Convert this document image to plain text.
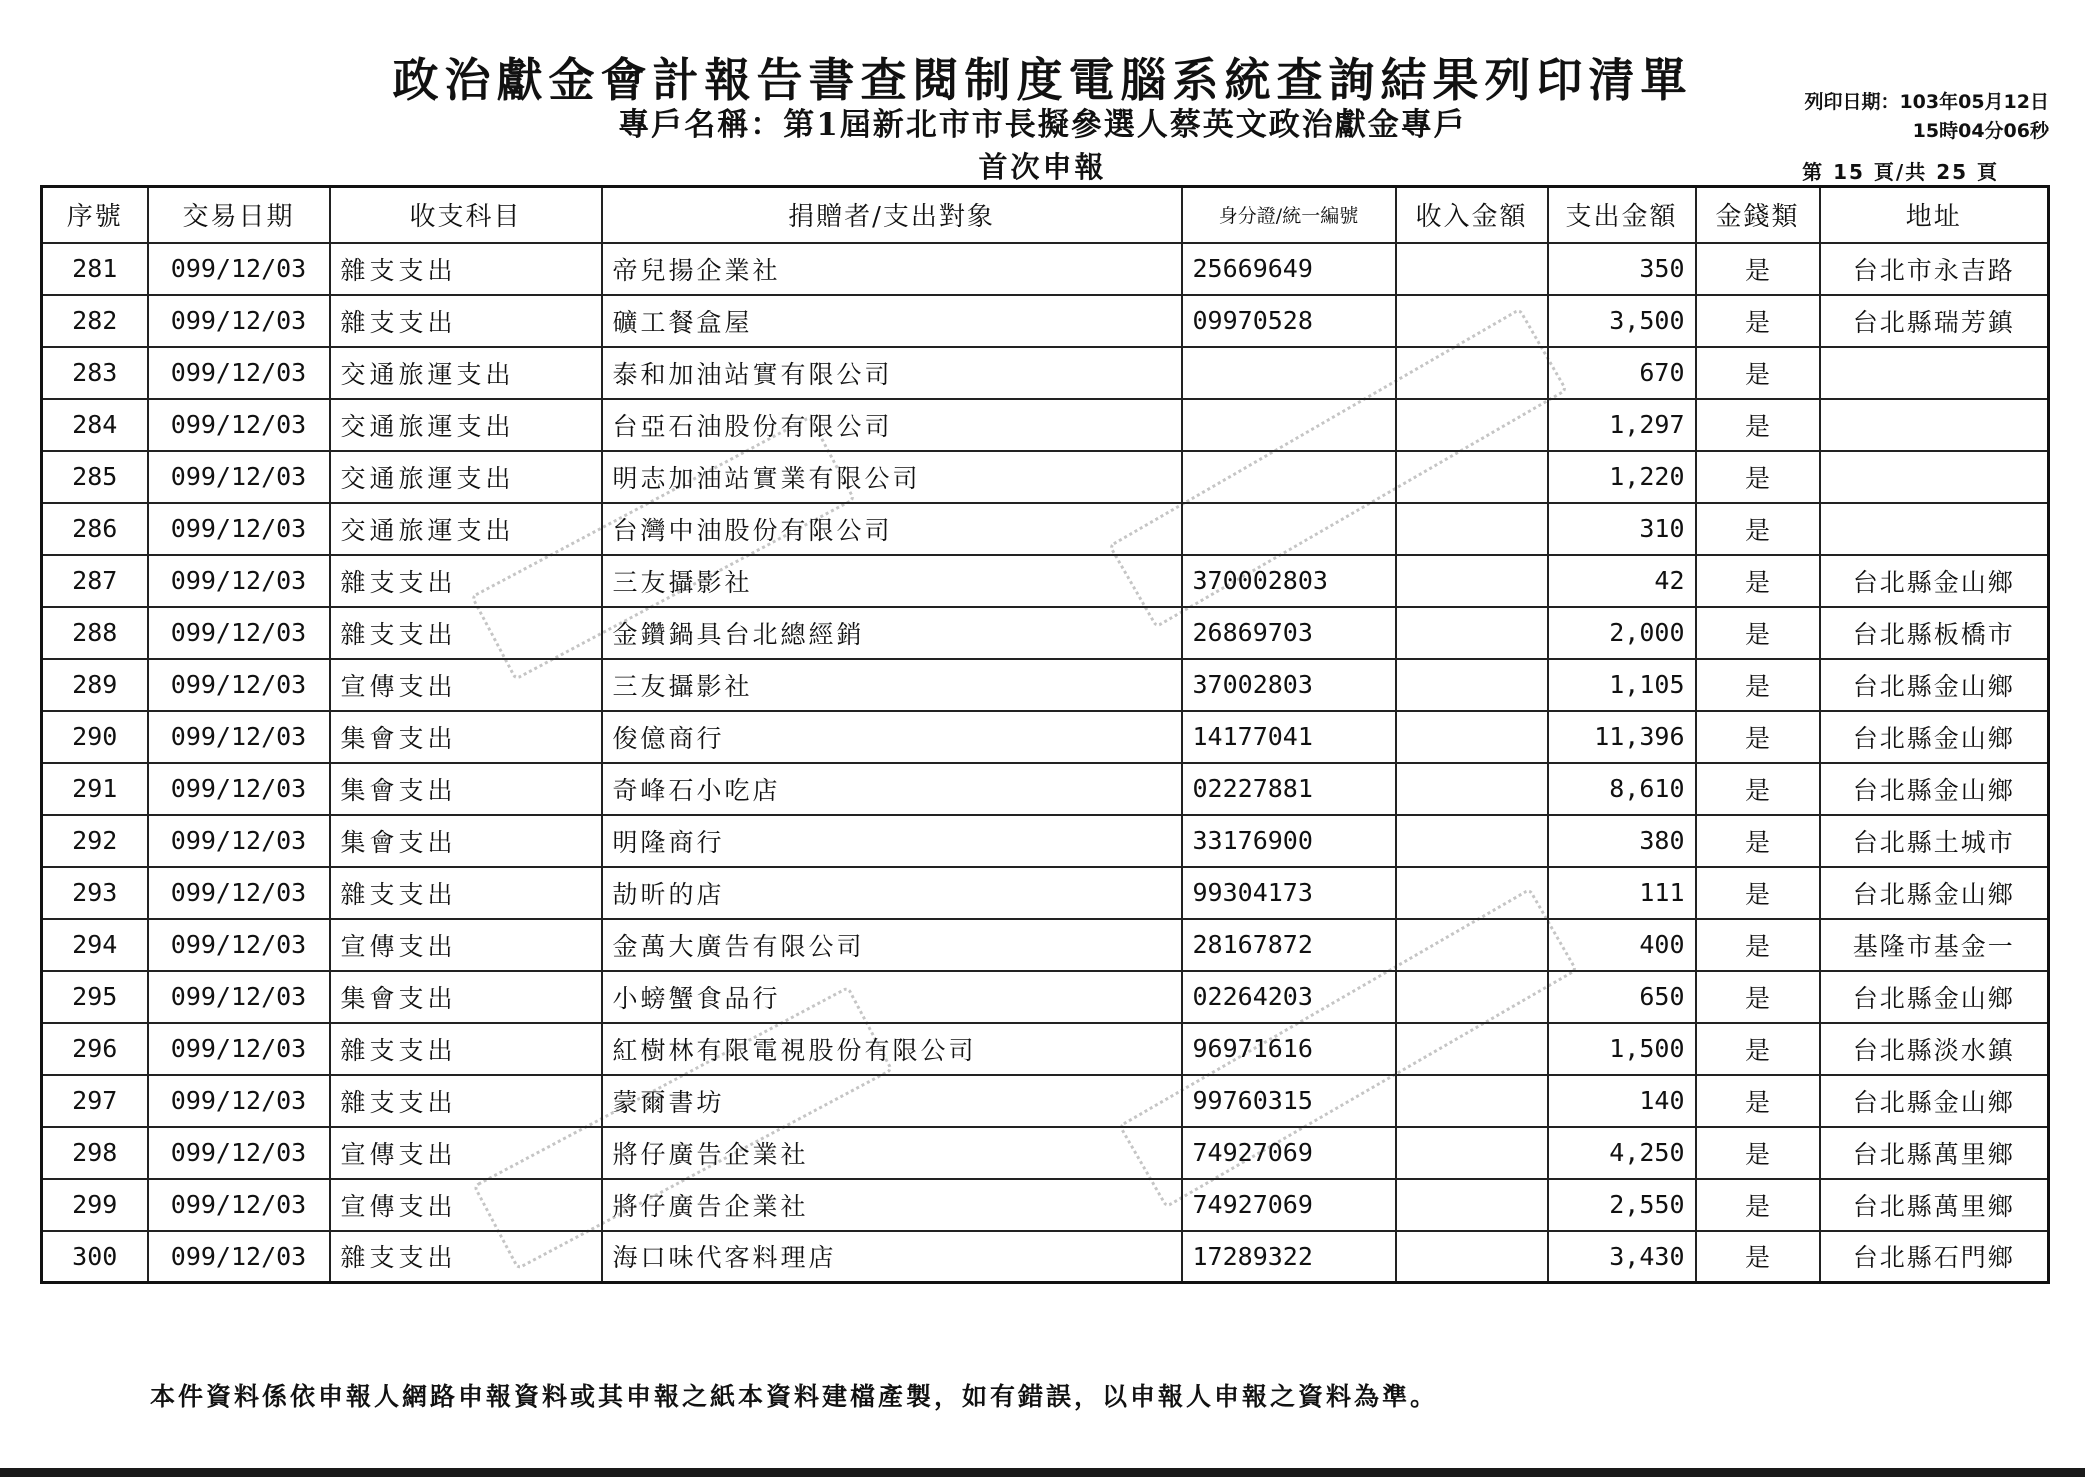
政治獻金會計報告書查閱制度電腦系統查詢結果列印清單
專戶名稱：第1屆新北市市長擬參選人蔡英文政治獻金專戶
首次申報
列印日期：103年05月12日
15時04分06秒
第 15 頁/共 25 頁
序號	交易日期	收支科目	捐贈者/支出對象	身分證/統一編號	收入金額	支出金額	金錢類	地址
281	099/12/03	雜支支出	帝兒揚企業社	25669649		350	是	台北市永吉路
282	099/12/03	雜支支出	礦工餐盒屋	09970528		3,500	是	台北縣瑞芳鎮
283	099/12/03	交通旅運支出	泰和加油站實有限公司			670	是	
284	099/12/03	交通旅運支出	台亞石油股份有限公司			1,297	是	
285	099/12/03	交通旅運支出	明志加油站實業有限公司			1,220	是	
286	099/12/03	交通旅運支出	台灣中油股份有限公司			310	是	
287	099/12/03	雜支支出	三友攝影社	37000280З		42	是	台北縣金山鄉
288	099/12/03	雜支支出	金鑽鍋具台北總經銷	26869703		2,000	是	台北縣板橋市
289	099/12/03	宣傳支出	三友攝影社	37002803		1,105	是	台北縣金山鄉
290	099/12/03	集會支出	俊億商行	14177041		11,396	是	台北縣金山鄉
291	099/12/03	集會支出	奇峰石小吃店	02227881		8,610	是	台北縣金山鄉
292	099/12/03	集會支出	明隆商行	33176900		380	是	台北縣土城市
293	099/12/03	雜支支出	劼昕的店	99304173		111	是	台北縣金山鄉
294	099/12/03	宣傳支出	金萬大廣告有限公司	28167872		400	是	基隆市基金一
295	099/12/03	集會支出	小螃蟹食品行	02264203		650	是	台北縣金山鄉
296	099/12/03	雜支支出	紅樹林有限電視股份有限公司	96971616		1,500	是	台北縣淡水鎮
297	099/12/03	雜支支出	蒙爾書坊	99760315		140	是	台北縣金山鄉
298	099/12/03	宣傳支出	將仔廣告企業社	74927069		4,250	是	台北縣萬里鄉
299	099/12/03	宣傳支出	將仔廣告企業社	74927069		2,550	是	台北縣萬里鄉
300	099/12/03	雜支支出	海口味代客料理店	17289322		3,430	是	台北縣石門鄉
本件資料係依申報人網路申報資料或其申報之紙本資料建檔產製，如有錯誤，以申報人申報之資料為準。
